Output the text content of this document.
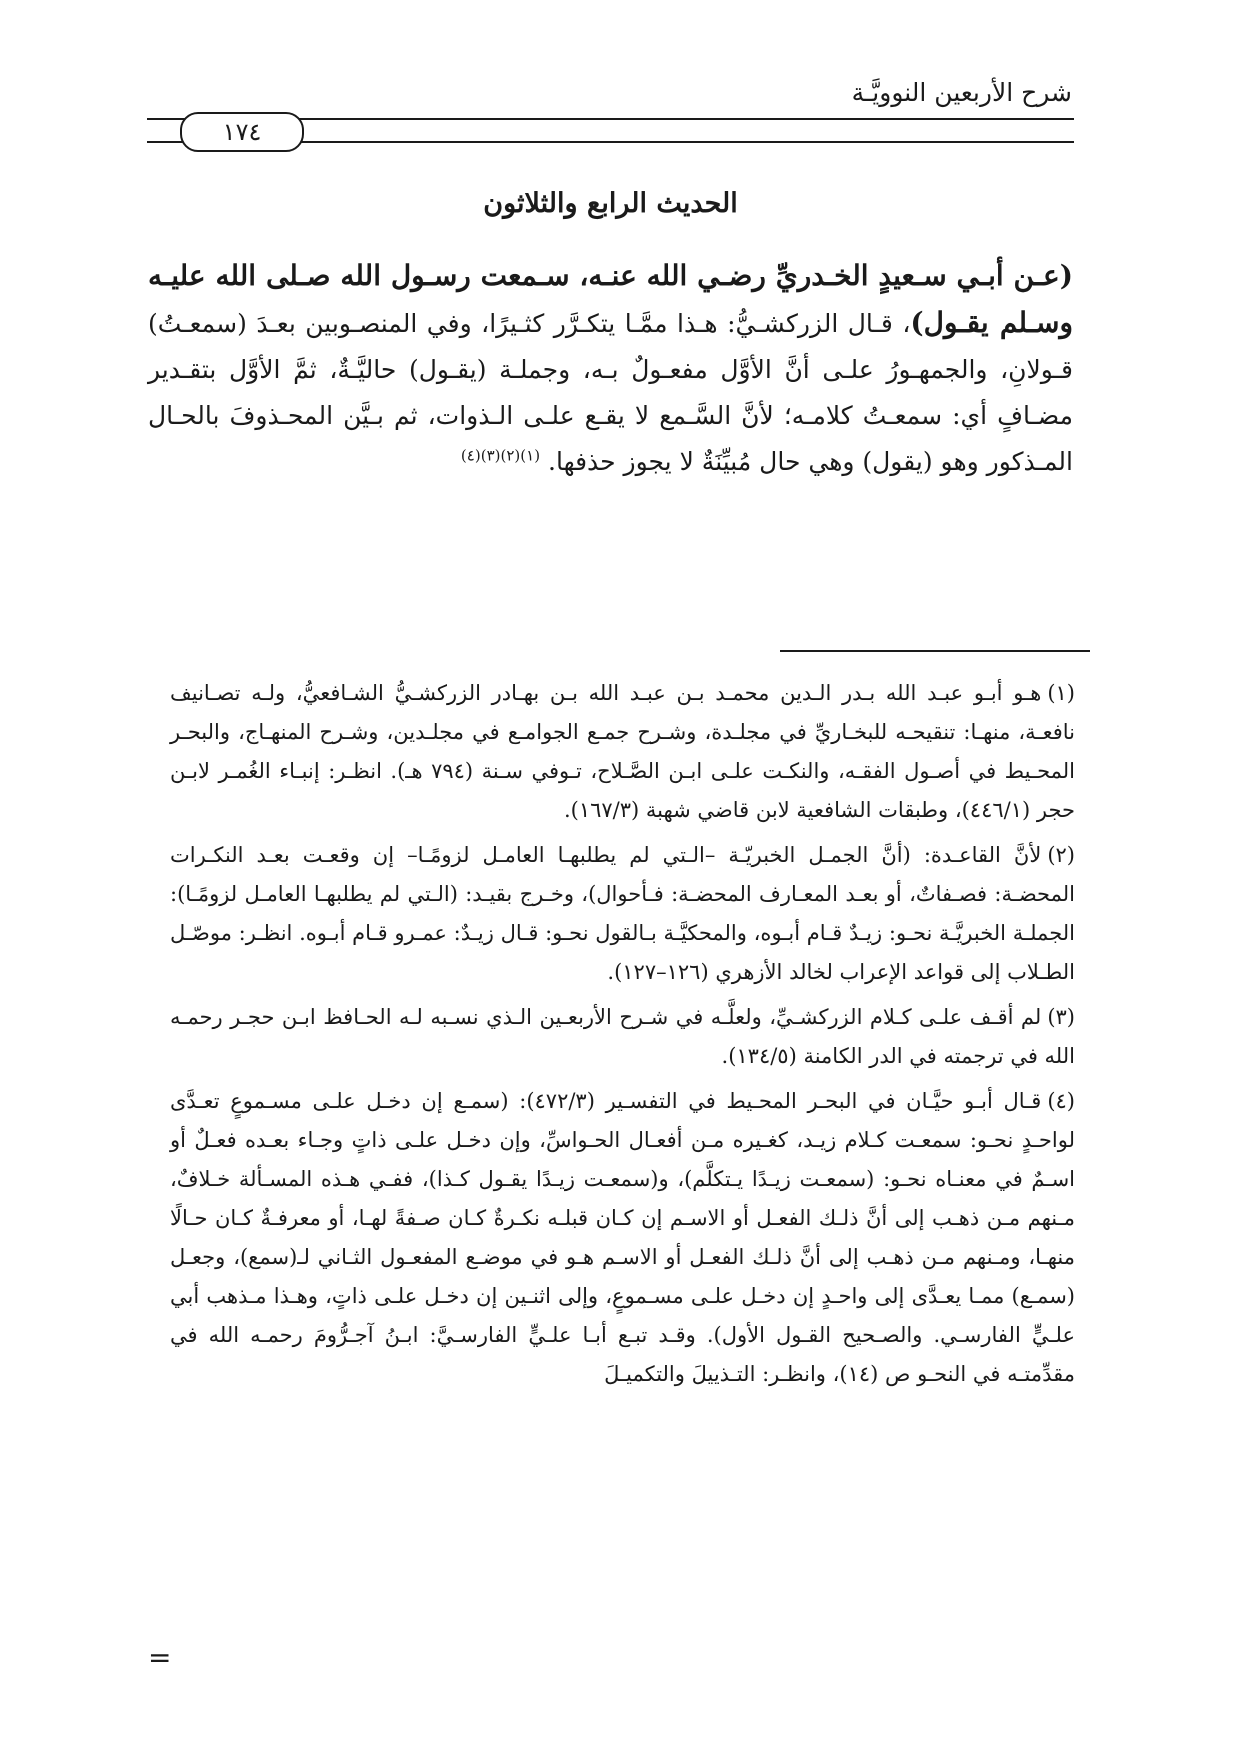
شرح الأربعين النوويَّـة
١٧٤
الحديث الرابع والثلاثون

(عـن أبـي سـعيدٍ الخـدريِّ رضـي الله عنـه، سـمعت رسـول الله صـلى الله عليـه وسـلم يقـول)، قـال الزركشـيُّ: هـذا ممَّـا يتكـرَّر كثـيرًا، وفي المنصـوبين بعـدَ (سمعـتُ) قـولانِ، والجمهـورُ علـى أنَّ الأوَّل مفعـولٌ بـه، وجملـة (يقـول) حاليَّـةٌ، ثمَّ الأوَّل بتقـدير مضـافٍ أي: سمعـتُ كلامـه؛ لأنَّ السَّـمع لا يقـع علـى الـذوات، ثم بـيَّن المحـذوفَ بالحـال المـذكور وهو (يقول) وهي حال مُبيِّنَةٌ لا يجوز حذفها. $^{(١)(٢)(٣)(٤)}$

(١)هـو أبـو عبـد الله بـدر الـدين محمـد بـن عبـد الله بـن بهـادر الزركشـيُّ الشـافعيُّ، ولـه تصـانيف نافعـة، منهـا: تنقيحـه للبخـاريِّ في مجلـدة، وشـرح جمـع الجوامـع في مجلـدين، وشـرح المنهـاج، والبحـر المحـيط في أصـول الفقـه، والنكـت علـى ابـن الصَّـلاح، تـوفي سـنة (٧٩٤ هـ). انظـر: إنبـاء الغُمـر لابـن حجر (٤٤٦/١)، وطبقات الشافعية لابن قاضي شهبة (١٦٧/٣).

(٢)لأنَّ القاعـدة: (أنَّ الجمـل الخبريّـة –الـتي لم يطلبهـا العامـل لزومًـا– إن وقعـت بعـد النكـرات المحضـة: فصـفاتٌ، أو بعـد المعـارف المحضـة: فـأحوال)، وخـرج بقيـد: (الـتي لم يطلبهـا العامـل لزومًـا): الجملـة الخبريَّـة نحـو: زيـدٌ قـام أبـوه، والمحكيَّـة بـالقول نحـو: قـال زيـدٌ: عمـرو قـام أبـوه. انظـر: موصّـل الطـلاب إلى قواعد الإعراب لخالد الأزهري (١٢٦–١٢٧).

(٣)لم أقـف علـى كـلام الزركشـيِّ، ولعلَّـه في شـرح الأربعـين الـذي نسـبه لـه الحـافظ ابـن حجـر رحمـه الله في ترجمته في الدر الكامنة (١٣٤/٥).

(٤)قـال أبـو حيَّـان في البحـر المحـيط في التفسـير (٤٧٢/٣): (سمـع إن دخـل علـى مسـموعٍ تعـدَّى لواحـدٍ نحـو: سمعـت كـلام زيـد، كغـيره مـن أفعـال الحـواسِّ، وإن دخـل علـى ذاتٍ وجـاء بعـده فعـلٌ أو اسـمٌ في معنـاه نحـو: (سمعـت زيـدًا يـتكلَّم)، و(سمعـت زيـدًا يقـول كـذا)، ففـي هـذه المسـألة خـلافٌ، مـنهم مـن ذهـب إلى أنَّ ذلـك الفعـل أو الاسـم إن كـان قبلـه نكـرةٌ كـان صـفةً لهـا، أو معرفـةٌ كـان حـالًا منهـا، ومـنهم مـن ذهـب إلى أنَّ ذلـك الفعـل أو الاسـم هـو في موضـع المفعـول الثـاني لـ(سمع)، وجعـل (سمـع) ممـا يعـدَّى إلى واحـدٍ إن دخـل علـى مسـموعٍ، وإلى اثنـين إن دخـل علـى ذاتٍ، وهـذا مـذهب أبي علـيٍّ الفارسـي. والصـحيح القـول الأول). وقـد تبـع أبـا علـيٍّ الفارسـيَّ: ابـنُ آجـرُّومَ رحمـه الله في مقدِّمتـه في النحـو ص (١٤)، وانظـر: التـذييلَ والتكميـلَ

=
